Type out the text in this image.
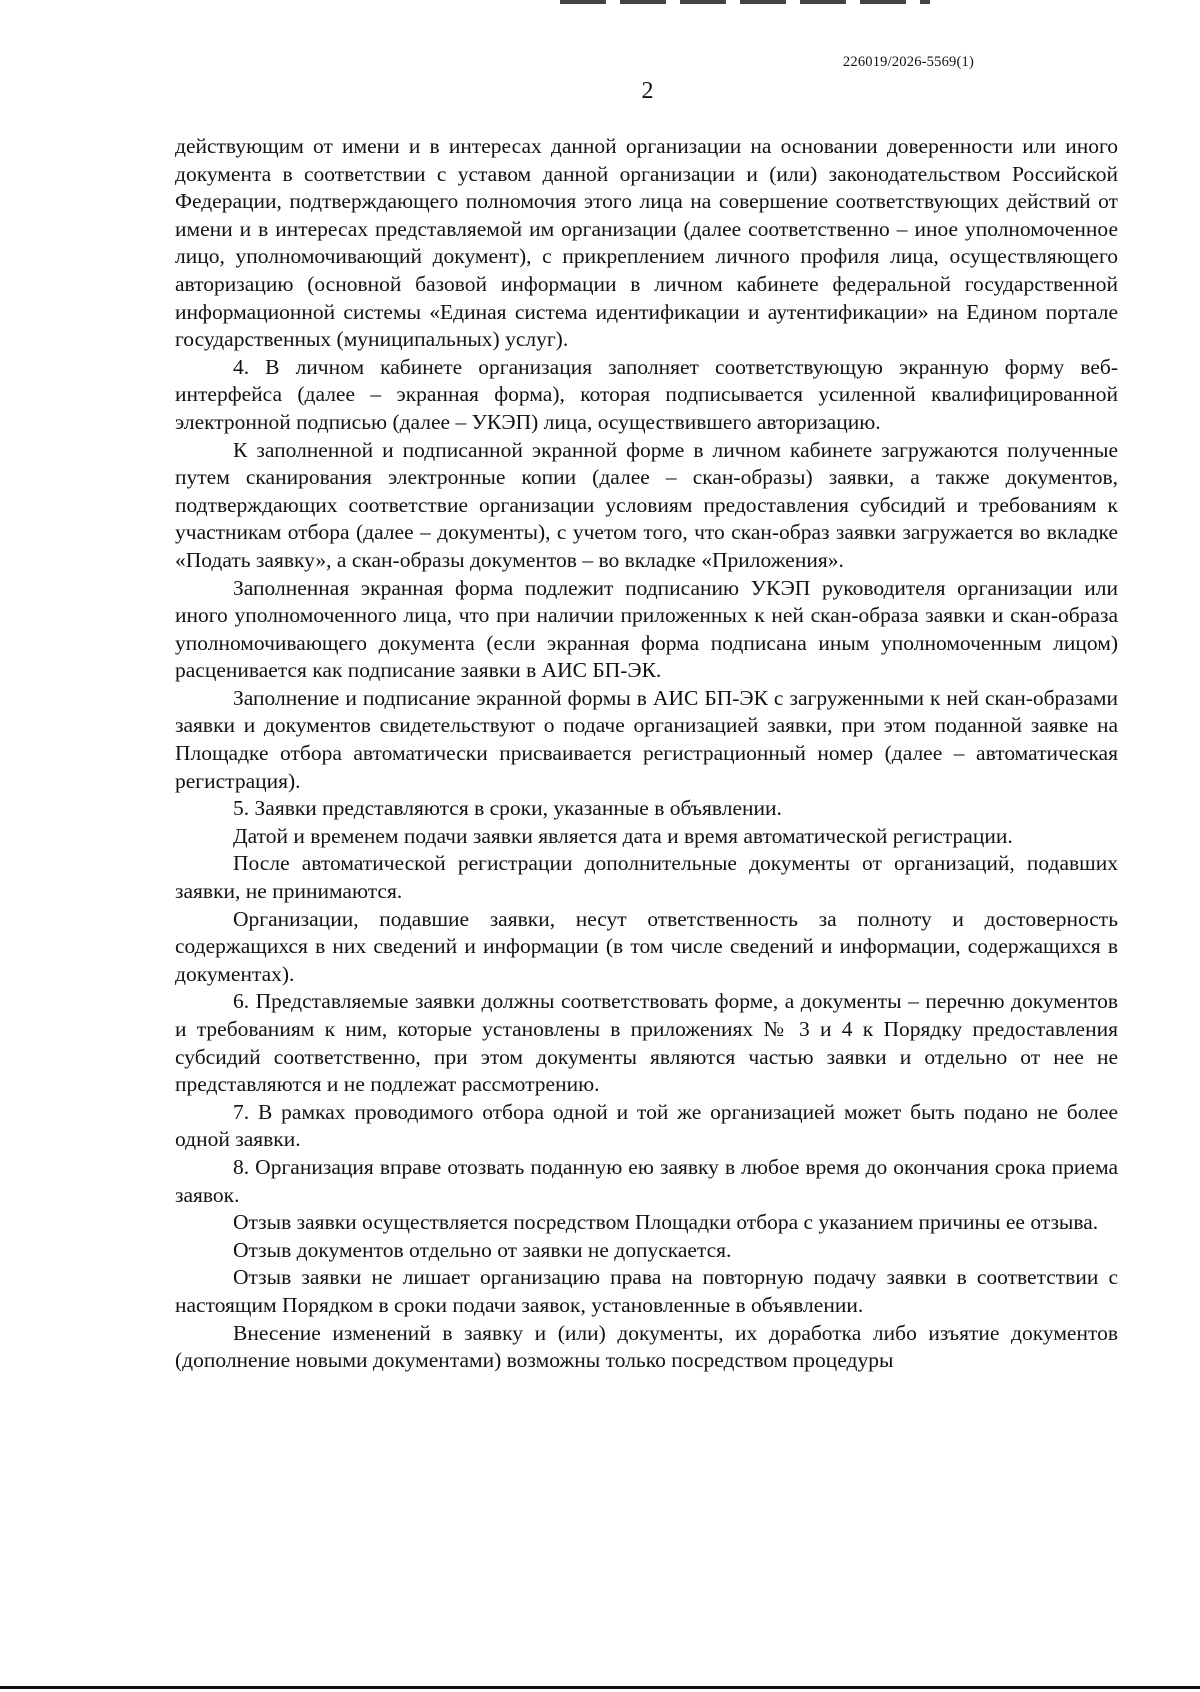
226019/2026-5569(1)
2

действующим от имени и в интересах данной организации на основании доверенности или иного документа в соответствии с уставом данной организации и (или) законодательством Российской Федерации, подтверждающего полномочия этого лица на совершение соответствующих действий от имени и в интересах представляемой им организации (далее соответственно – иное уполномоченное лицо, уполномочивающий документ), с прикреплением личного профиля лица, осуществляющего авторизацию (основной базовой информации в личном кабинете федеральной государственной информационной системы «Единая система идентификации и аутентификации» на Едином портале государственных (муниципальных) услуг).

4. В личном кабинете организация заполняет соответствующую экранную форму веб-интерфейса (далее – экранная форма), которая подписывается усиленной квалифицированной электронной подписью (далее – УКЭП) лица, осуществившего авторизацию.

К заполненной и подписанной экранной форме в личном кабинете загружаются полученные путем сканирования электронные копии (далее – скан-образы) заявки, а также документов, подтверждающих соответствие организации условиям предоставления субсидий и требованиям к участникам отбора (далее – документы), с учетом того, что скан-образ заявки загружается во вкладке «Подать заявку», а скан-образы документов – во вкладке «Приложения».

Заполненная экранная форма подлежит подписанию УКЭП руководителя организации или иного уполномоченного лица, что при наличии приложенных к ней скан-образа заявки и скан-образа уполномочивающего документа (если экранная форма подписана иным уполномоченным лицом) расценивается как подписание заявки в АИС БП-ЭК.

Заполнение и подписание экранной формы в АИС БП-ЭК с загруженными к ней скан-образами заявки и документов свидетельствуют о подаче организацией заявки, при этом поданной заявке на Площадке отбора автоматически присваивается регистрационный номер (далее – автоматическая регистрация).

5. Заявки представляются в сроки, указанные в объявлении.

Датой и временем подачи заявки является дата и время автоматической регистрации.

После автоматической регистрации дополнительные документы от организаций, подавших заявки, не принимаются.

Организации, подавшие заявки, несут ответственность за полноту и достоверность содержащихся в них сведений и информации (в том числе сведений и информации, содержащихся в документах).

6. Представляемые заявки должны соответствовать форме, а документы – перечню документов и требованиям к ним, которые установлены в приложениях № 3 и 4 к Порядку предоставления субсидий соответственно, при этом документы являются частью заявки и отдельно от нее не представляются и не подлежат рассмотрению.

7. В рамках проводимого отбора одной и той же организацией может быть подано не более одной заявки.

8. Организация вправе отозвать поданную ею заявку в любое время до окончания срока приема заявок.

Отзыв заявки осуществляется посредством Площадки отбора с указанием причины ее отзыва.

Отзыв документов отдельно от заявки не допускается.

Отзыв заявки не лишает организацию права на повторную подачу заявки в соответствии с настоящим Порядком в сроки подачи заявок, установленные в объявлении.

Внесение изменений в заявку и (или) документы, их доработка либо изъятие документов (дополнение новыми документами) возможны только посредством процедуры
